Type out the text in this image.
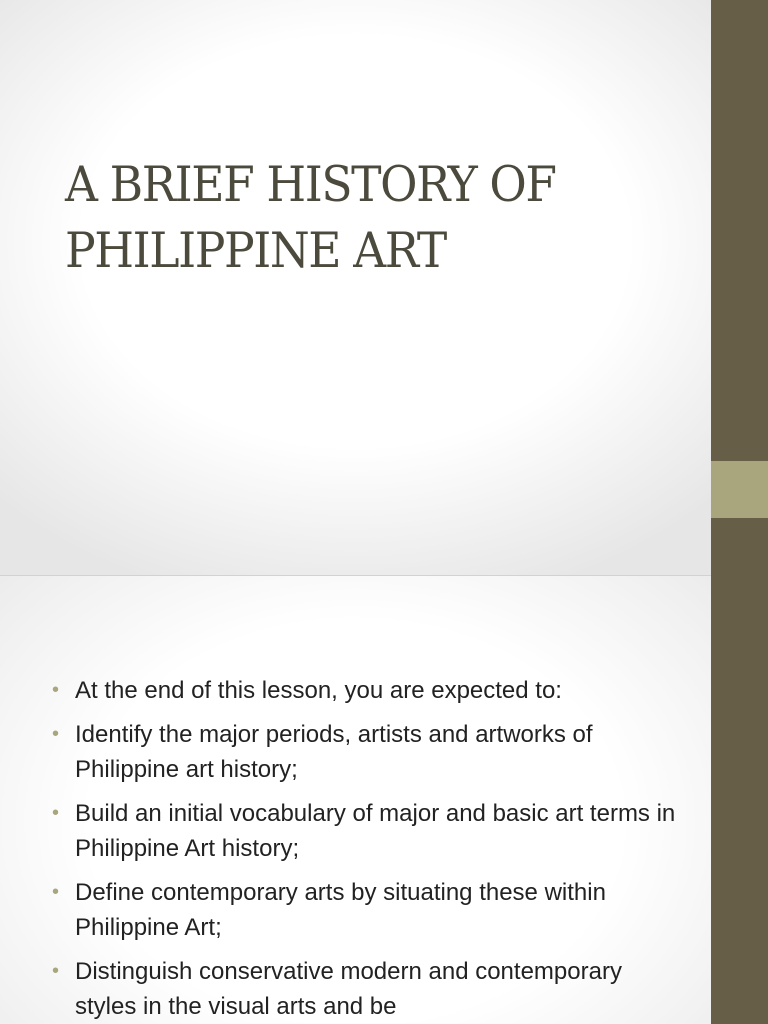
A BRIEF HISTORY OF
PHILIPPINE ART
• At the end of this lesson, you are expected to:
• Identify the major periods, artists and artworks of Philippine art history;
• Build an initial vocabulary of major and basic art terms in Philippine Art history;
• Define contemporary arts by situating these within Philippine Art;
• Distinguish conservative modern and contemporary styles in the visual arts and be
